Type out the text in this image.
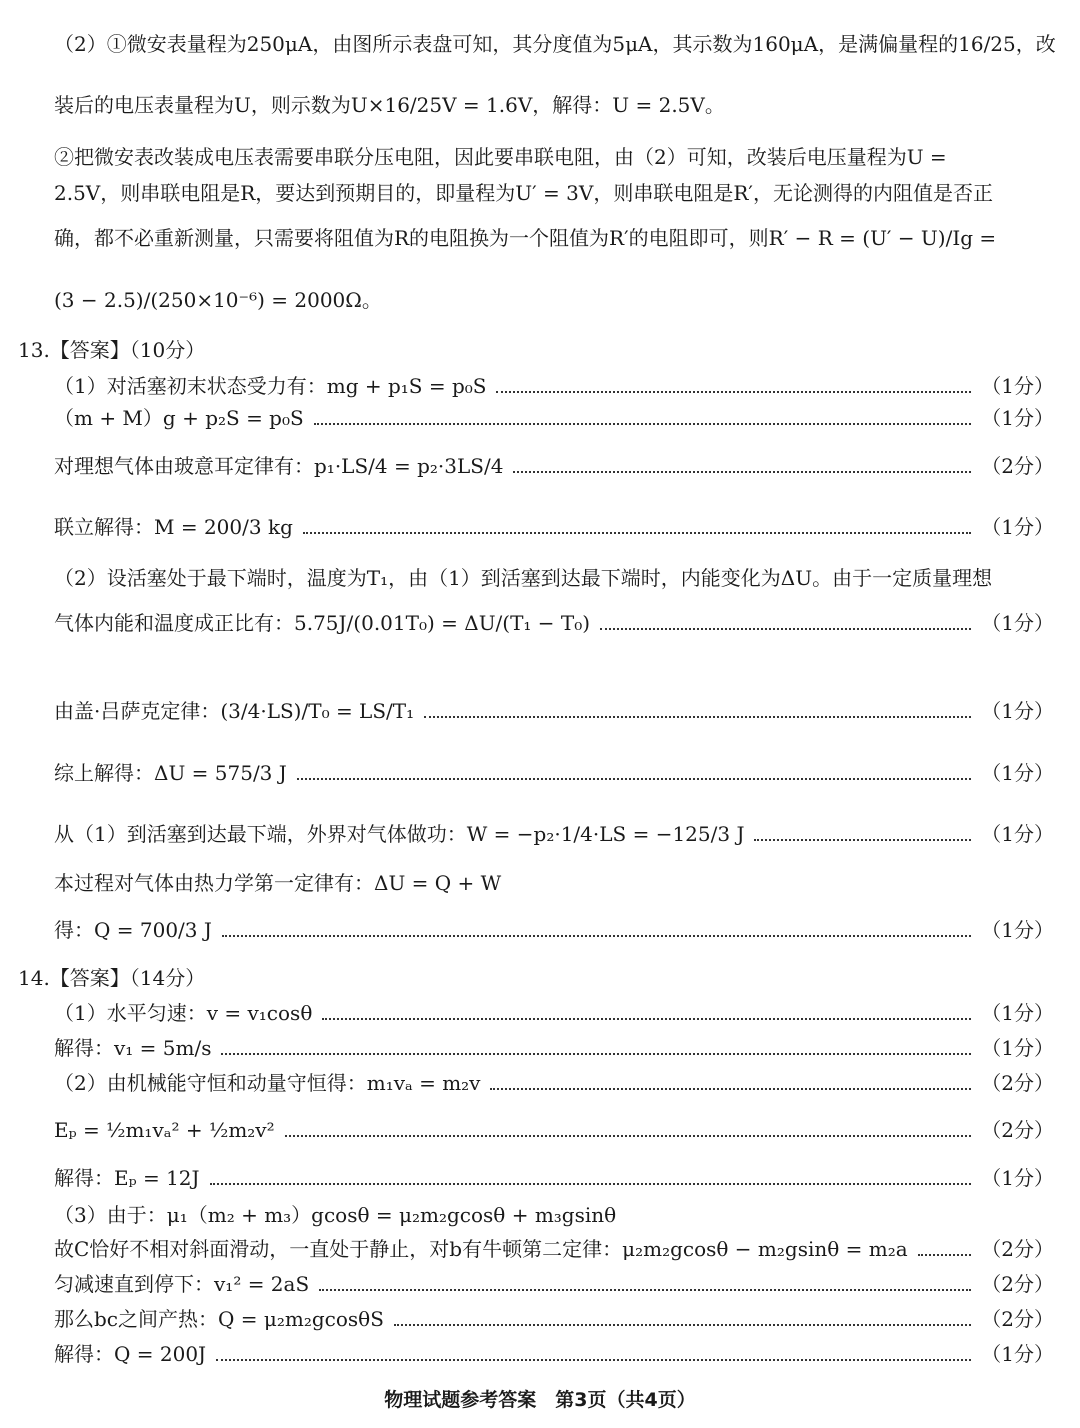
（2）①微安表量程为250μA，由图所示表盘可知，其分度值为5μA，其示数为160μA，是满偏量程的16/25，改
装后的电压表量程为U，则示数为U×16/25V = 1.6V，解得：U = 2.5V。
②把微安表改装成电压表需要串联分压电阻，因此要串联电阻，由（2）可知，改装后电压量程为U =
2.5V，则串联电阻是R，要达到预期目的，即量程为U′ = 3V，则串联电阻是R′，无论测得的内阻值是否正
确，都不必重新测量，只需要将阻值为R的电阻换为一个阻值为R′的电阻即可，则R′ − R = (U′ − U)/Ig =
(3 − 2.5)/(250×10⁻⁶) = 2000Ω。
13.【答案】（10分）
（1）对活塞初末状态受力有：mg + p₁S = p₀S	（1分）
（m + M）g + p₂S = p₀S	（1分）
对理想气体由玻意耳定律有：p₁·LS/4 = p₂·3LS/4	（2分）
联立解得：M = 200/3 kg	（1分）
（2）设活塞处于最下端时，温度为T₁，由（1）到活塞到达最下端时，内能变化为ΔU。由于一定质量理想
气体内能和温度成正比有：5.75J/(0.01T₀) = ΔU/(T₁ − T₀)	（1分）
由盖·吕萨克定律：(3/4·LS)/T₀ = LS/T₁	（1分）
综上解得：ΔU = 575/3 J	（1分）
从（1）到活塞到达最下端，外界对气体做功：W = −p₂·1/4·LS = −125/3 J	（1分）
本过程对气体由热力学第一定律有：ΔU = Q + W
得：Q = 700/3 J	（1分）
14.【答案】（14分）
（1）水平匀速：v = v₁cosθ	（1分）
解得：v₁ = 5m/s	（1分）
（2）由机械能守恒和动量守恒得：m₁vₐ = m₂v	（2分）
Eₚ = ½m₁vₐ² + ½m₂v²	（2分）
解得：Eₚ = 12J	（1分）
（3）由于：μ₁（m₂ + m₃）gcosθ = μ₂m₂gcosθ + m₃gsinθ
故C恰好不相对斜面滑动，一直处于静止，对b有牛顿第二定律：μ₂m₂gcosθ − m₂gsinθ = m₂a	（2分）
匀减速直到停下：v₁² = 2aS	（2分）
那么bc之间产热：Q = μ₂m₂gcosθS	（2分）
解得：Q = 200J	（1分）
物理试题参考答案　第3页（共4页）
